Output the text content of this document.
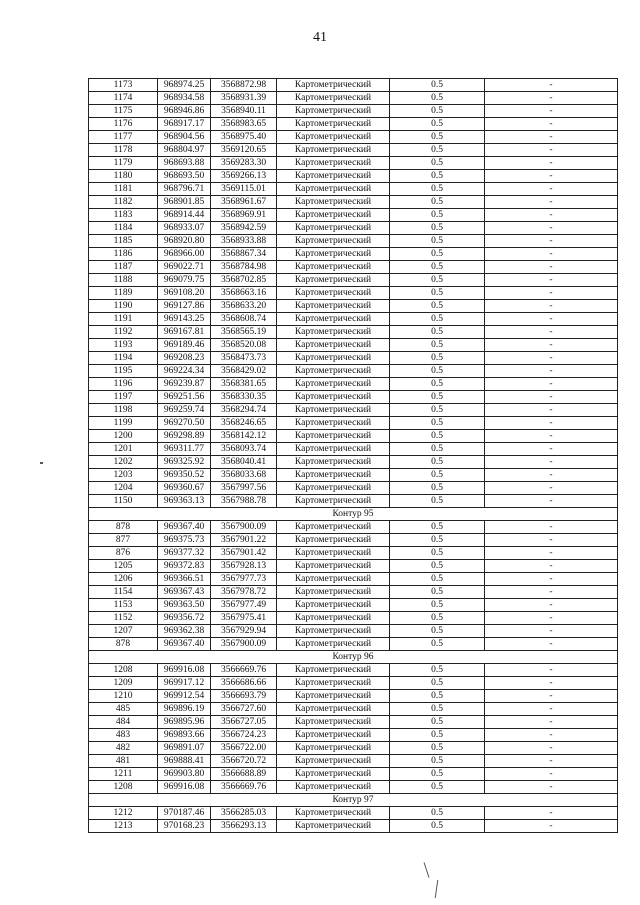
41
1173	968974.25	3568872.98	Картометрический	0.5	-
1174	968934.58	3568931.39	Картометрический	0.5	-
1175	968946.86	3568940.11	Картометрический	0.5	-
1176	968917.17	3568983.65	Картометрический	0.5	-
1177	968904.56	3568975.40	Картометрический	0.5	-
1178	968804.97	3569120.65	Картометрический	0.5	-
1179	968693.88	3569283.30	Картометрический	0.5	-
1180	968693.50	3569266.13	Картометрический	0.5	-
1181	968796.71	3569115.01	Картометрический	0.5	-
1182	968901.85	3568961.67	Картометрический	0.5	-
1183	968914.44	3568969.91	Картометрический	0.5	-
1184	968933.07	3568942.59	Картометрический	0.5	-
1185	968920.80	3568933.88	Картометрический	0.5	-
1186	968966.00	3568867.34	Картометрический	0.5	-
1187	969022.71	3568784.98	Картометрический	0.5	-
1188	969079.75	3568702.85	Картометрический	0.5	-
1189	969108.20	3568663.16	Картометрический	0.5	-
1190	969127.86	3568633.20	Картометрический	0.5	-
1191	969143.25	3568608.74	Картометрический	0.5	-
1192	969167.81	3568565.19	Картометрический	0.5	-
1193	969189.46	3568520.08	Картометрический	0.5	-
1194	969208.23	3568473.73	Картометрический	0.5	-
1195	969224.34	3568429.02	Картометрический	0.5	-
1196	969239.87	3568381.65	Картометрический	0.5	-
1197	969251.56	3568330.35	Картометрический	0.5	-
1198	969259.74	3568294.74	Картометрический	0.5	-
1199	969270.50	3568246.65	Картометрический	0.5	-
1200	969298.89	3568142.12	Картометрический	0.5	-
1201	969311.77	3568093.74	Картометрический	0.5	-
1202	969325.92	3568040.41	Картометрический	0.5	-
1203	969350.52	3568033.68	Картометрический	0.5	-
1204	969360.67	3567997.56	Картометрический	0.5	-
1150	969363.13	3567988.78	Картометрический	0.5	-
Контур 95					
878	969367.40	3567900.09	Картометрический	0.5	-
877	969375.73	3567901.22	Картометрический	0.5	-
876	969377.32	3567901.42	Картометрический	0.5	-
1205	969372.83	3567928.13	Картометрический	0.5	-
1206	969366.51	3567977.73	Картометрический	0.5	-
1154	969367.43	3567978.72	Картометрический	0.5	-
1153	969363.50	3567977.49	Картометрический	0.5	-
1152	969356.72	3567975.41	Картометрический	0.5	-
1207	969362.38	3567929.94	Картометрический	0.5	-
878	969367.40	3567900.09	Картометрический	0.5	-
Контур 96					
1208	969916.08	3566669.76	Картометрический	0.5	-
1209	969917.12	3566686.66	Картометрический	0.5	-
1210	969912.54	3566693.79	Картометрический	0.5	-
485	969896.19	3566727.60	Картометрический	0.5	-
484	969895.96	3566727.05	Картометрический	0.5	-
483	969893.66	3566724.23	Картометрический	0.5	-
482	969891.07	3566722.00	Картометрический	0.5	-
481	969888.41	3566720.72	Картометрический	0.5	-
1211	969903.80	3566688.89	Картометрический	0.5	-
1208	969916.08	3566669.76	Картометрический	0.5	-
Контур 97					
1212	970187.46	3566285.03	Картометрический	0.5	-
1213	970168.23	3566293.13	Картометрический	0.5	-
